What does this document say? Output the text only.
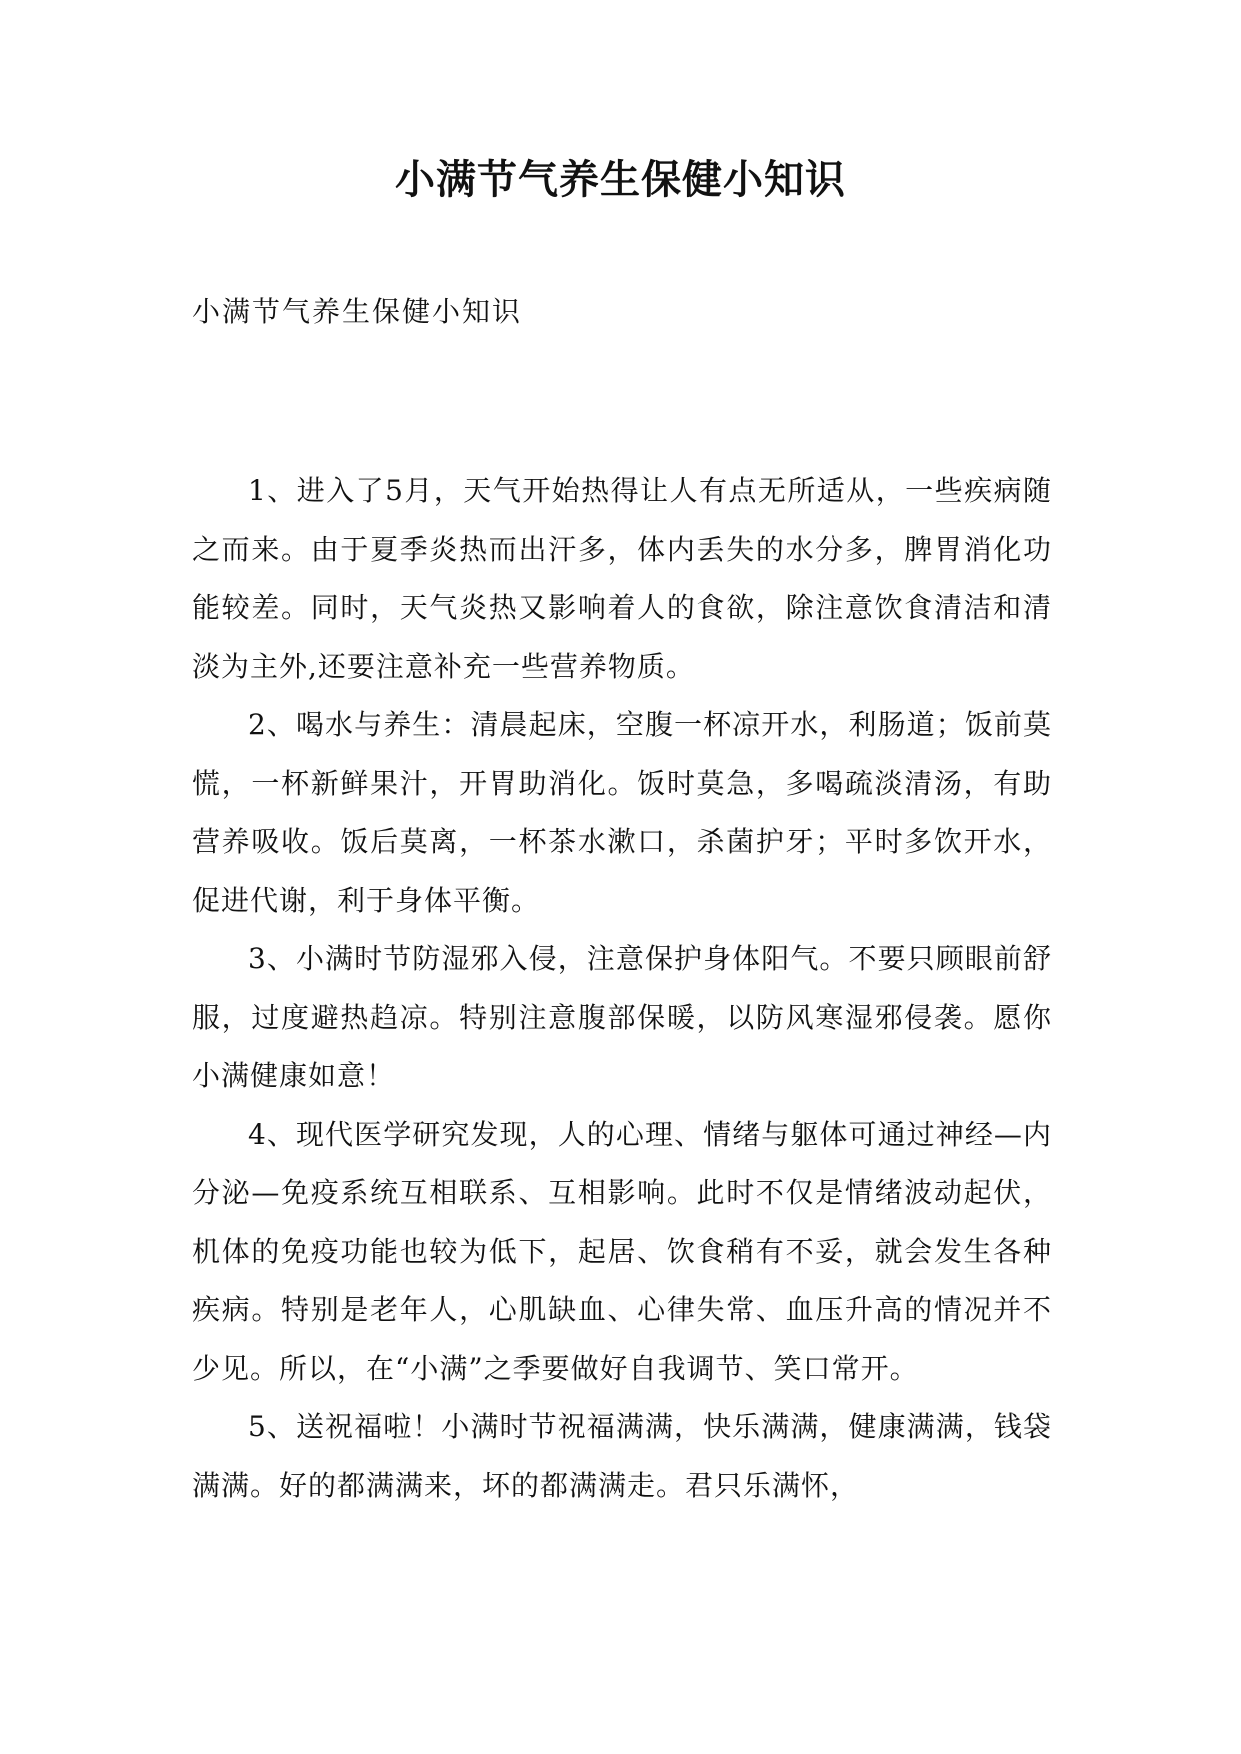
小满节气养生保健小知识

小满节气养生保健小知识

1、进入了5月，天气开始热得让人有点无所适从，一些疾病随之而来。由于夏季炎热而出汗多，体内丢失的水分多，脾胃消化功能较差。同时，天气炎热又影响着人的食欲，除注意饮食清洁和清淡为主外,还要注意补充一些营养物质。

2、喝水与养生：清晨起床，空腹一杯凉开水，利肠道；饭前莫慌，一杯新鲜果汁，开胃助消化。饭时莫急，多喝疏淡清汤，有助营养吸收。饭后莫离，一杯茶水漱口，杀菌护牙；平时多饮开水，促进代谢，利于身体平衡。

3、小满时节防湿邪入侵，注意保护身体阳气。不要只顾眼前舒服，过度避热趋凉。特别注意腹部保暖，以防风寒湿邪侵袭。愿你小满健康如意！

4、现代医学研究发现，人的心理、情绪与躯体可通过神经—内分泌—免疫系统互相联系、互相影响。此时不仅是情绪波动起伏，机体的免疫功能也较为低下，起居、饮食稍有不妥，就会发生各种疾病。特别是老年人，心肌缺血、心律失常、血压升高的情况并不少见。所以，在“小满”之季要做好自我调节、笑口常开。

5、送祝福啦！小满时节祝福满满，快乐满满，健康满满，钱袋满满。好的都满满来，坏的都满满走。君只乐满怀，
